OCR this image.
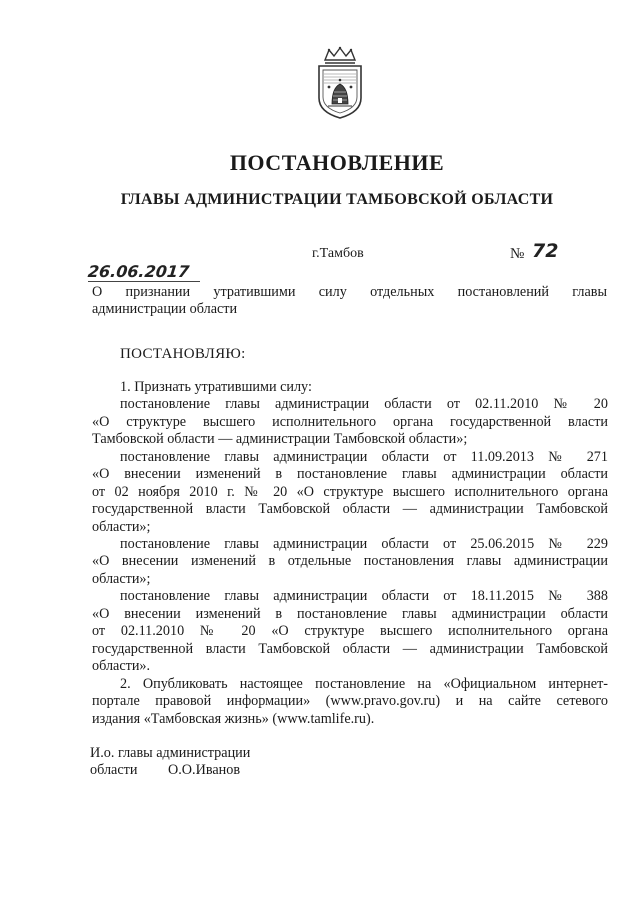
ПОСТАНОВЛЕНИЕ
ГЛАВЫ АДМИНИСТРАЦИИ ТАМБОВСКОЙ ОБЛАСТИ
г.Тамбов	№ 72
26.06.2017
О признании утратившими силу отдельных постановлений главы
администрации области
ПОСТАНОВЛЯЮ:
1. Признать утратившими силу:
постановление главы администрации области от 02.11.2010 № 20
«О структуре высшего исполнительного органа государственной власти
Тамбовской области — администрации Тамбовской области»;
постановление главы администрации области от 11.09.2013 № 271
«О внесении изменений в постановление главы администрации области
от 02 ноября 2010 г. № 20 «О структуре высшего исполнительного органа
государственной власти Тамбовской области — администрации Тамбовской
области»;
постановление главы администрации области от 25.06.2015 № 229
«О внесении изменений в отдельные постановления главы администрации
области»;
постановление главы администрации области от 18.11.2015 № 388
«О внесении изменений в постановление главы администрации области
от 02.11.2010 № 20 «О структуре высшего исполнительного органа
государственной власти Тамбовской области — администрации Тамбовской
области».
2. Опубликовать настоящее постановление на «Официальном интернет-
портале правовой информации» (www.pravo.gov.ru) и на сайте сетевого
издания «Тамбовская жизнь» (www.tamlife.ru).
И.о. главы администрации
области О.О.Иванов
